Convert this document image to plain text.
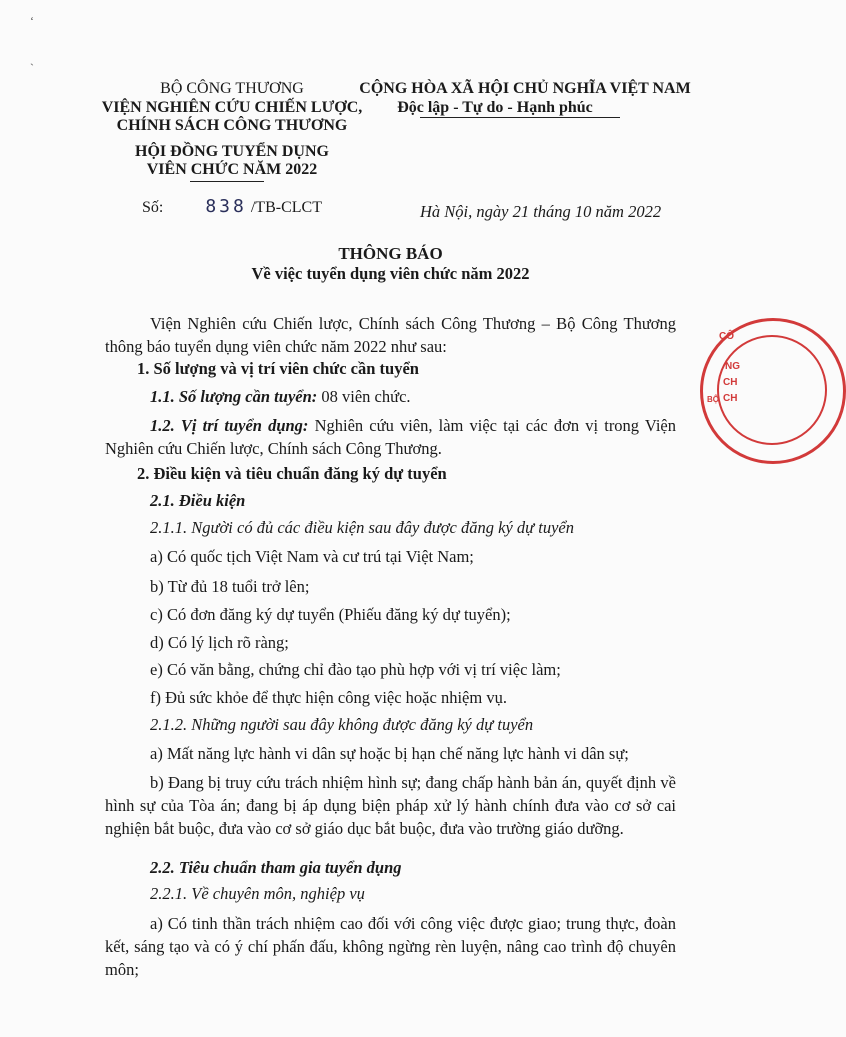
ʻ
ˏ
BỘ CÔNG THƯƠNG
VIỆN NGHIÊN CỨU CHIẾN LƯỢC,
CHÍNH SÁCH CÔNG THƯƠNG
HỘI ĐỒNG TUYỂN DỤNG
VIÊN CHỨC NĂM 2022
Số: 838 /TB-CLCT
CỘNG HÒA XÃ HỘI CHỦ NGHĨA VIỆT NAM
Độc lập - Tự do - Hạnh phúc
Hà Nội, ngày 21 tháng 10 năm 2022
THÔNG BÁO
Về việc tuyển dụng viên chức năm 2022
Viện Nghiên cứu Chiến lược, Chính sách Công Thương – Bộ Công Thương thông báo tuyển dụng viên chức năm 2022 như sau:
1. Số lượng và vị trí viên chức cần tuyển
1.1. Số lượng cần tuyển: 08 viên chức.
1.2. Vị trí tuyển dụng: Nghiên cứu viên, làm việc tại các đơn vị trong Viện Nghiên cứu Chiến lược, Chính sách Công Thương.
2. Điều kiện và tiêu chuẩn đăng ký dự tuyển
2.1. Điều kiện
2.1.1. Người có đủ các điều kiện sau đây được đăng ký dự tuyển
a) Có quốc tịch Việt Nam và cư trú tại Việt Nam;
b) Từ đủ 18 tuổi trở lên;
c) Có đơn đăng ký dự tuyển (Phiếu đăng ký dự tuyển);
d) Có lý lịch rõ ràng;
e) Có văn bằng, chứng chỉ đào tạo phù hợp với vị trí việc làm;
f) Đủ sức khỏe để thực hiện công việc hoặc nhiệm vụ.
2.1.2. Những người sau đây không được đăng ký dự tuyển
a) Mất năng lực hành vi dân sự hoặc bị hạn chế năng lực hành vi dân sự;
b) Đang bị truy cứu trách nhiệm hình sự; đang chấp hành bản án, quyết định về hình sự của Tòa án; đang bị áp dụng biện pháp xử lý hành chính đưa vào cơ sở cai nghiện bắt buộc, đưa vào cơ sở giáo dục bắt buộc, đưa vào trường giáo dưỡng.
2.2. Tiêu chuẩn tham gia tuyển dụng
2.2.1. Về chuyên môn, nghiệp vụ
a) Có tinh thần trách nhiệm cao đối với công việc được giao; trung thực, đoàn kết, sáng tạo và có ý chí phấn đấu, không ngừng rèn luyện, nâng cao trình độ chuyên môn;
CÔ
NG
CH
CH
BỘ
